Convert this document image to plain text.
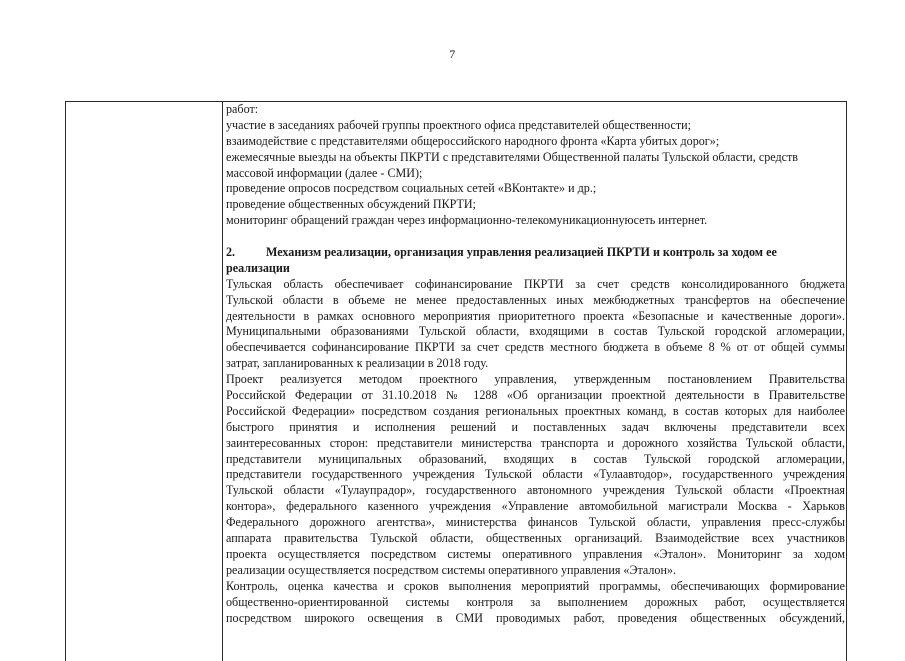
7
работ:
участие в заседаниях рабочей группы проектного офиса представителей общественности;
взаимодействие с представителями общероссийского народного фронта «Карта убитых дорог»;
ежемесячные выезды на объекты ПКРТИ с представителями Общественной палаты Тульской области, средств
массовой информации (далее - СМИ);
проведение опросов посредством социальных сетей «ВКонтакте» и др.;
проведение общественных обсуждений ПКРТИ;
мониторинг обращений граждан через информационно-телекомуникационнуюсеть интернет.
2.	Механизм реализации, организация управления реализацией ПКРТИ и контроль за ходом ее
реализации
Тульская область обеспечивает софинансирование ПКРТИ за счет средств консолидированного бюджета
Тульской области в объеме не менее предоставленных иных межбюджетных трансфертов на обеспечение
деятельности в рамках основного мероприятия приоритетного проекта «Безопасные и качественные дороги».
Муниципальными образованиями Тульской области, входящими в состав Тульской городской агломерации,
обеспечивается софинансирование ПКРТИ за счет средств местного бюджета в объеме 8 % от от общей суммы
затрат, запланированных к реализации в 2018 году.
Проект реализуется методом проектного управления, утвержденным постановлением Правительства
Российской Федерации от 31.10.2018 № 1288 «Об организации проектной деятельности в Правительстве
Российской Федерации» посредством создания региональных проектных команд, в состав которых для наиболее
быстрого принятия и исполнения решений и поставленных задач включены представители всех
заинтересованных сторон: представители министерства транспорта и дорожного хозяйства Тульской области,
представители муниципальных образований, входящих в состав Тульской городской агломерации,
представители государственного учреждения Тульской области «Тулаавтодор», государственного учреждения
Тульской области «Тулаупрадор», государственного автономного учреждения Тульской области «Проектная
контора», федерального казенного учреждения «Управление автомобильной магистрали Москва - Харьков
Федерального дорожного агентства», министерства финансов Тульской области, управления пресс-службы
аппарата правительства Тульской области, общественных организаций. Взаимодействие всех участников
проекта осуществляется посредством системы оперативного управления «Эталон». Мониторинг за ходом
реализации осуществляется посредством системы оперативного управления «Эталон».
Контроль, оценка качества и сроков выполнения мероприятий программы, обеспечивающих формирование
общественно-ориентированной системы контроля за выполнением дорожных работ, осуществляется
посредством широкого освещения в СМИ проводимых работ, проведения общественных обсуждений,
